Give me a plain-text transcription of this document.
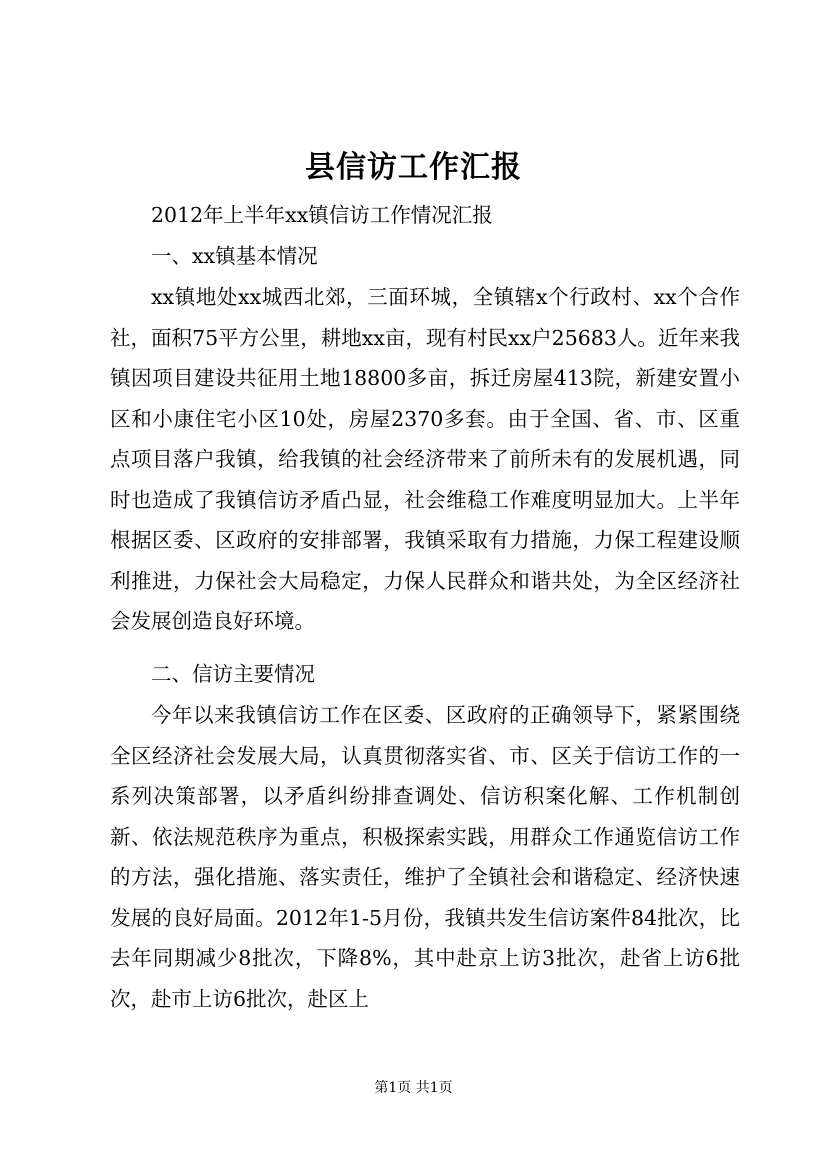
县信访工作汇报
2012年上半年xx镇信访工作情况汇报
一、xx镇基本情况
xx镇地处xx城西北郊，三面环城，全镇辖x个行政村、xx个合作社，面积75平方公里，耕地xx亩，现有村民xx户25683人。近年来我镇因项目建设共征用土地18800多亩，拆迁房屋413院，新建安置小区和小康住宅小区10处，房屋2370多套。由于全国、省、市、区重点项目落户我镇，给我镇的社会经济带来了前所未有的发展机遇，同时也造成了我镇信访矛盾凸显，社会维稳工作难度明显加大。上半年根据区委、区政府的安排部署，我镇采取有力措施，力保工程建设顺利推进，力保社会大局稳定，力保人民群众和谐共处，为全区经济社会发展创造良好环境。
二、信访主要情况
今年以来我镇信访工作在区委、区政府的正确领导下，紧紧围绕全区经济社会发展大局，认真贯彻落实省、市、区关于信访工作的一系列决策部署，以矛盾纠纷排查调处、信访积案化解、工作机制创新、依法规范秩序为重点，积极探索实践，用群众工作通览信访工作的方法，强化措施、落实责任，维护了全镇社会和谐稳定、经济快速发展的良好局面。2012年1-5月份，我镇共发生信访案件84批次，比去年同期减少8批次，下降8%，其中赴京上访3批次，赴省上访6批次，赴市上访6批次，赴区上
第1页 共1页
